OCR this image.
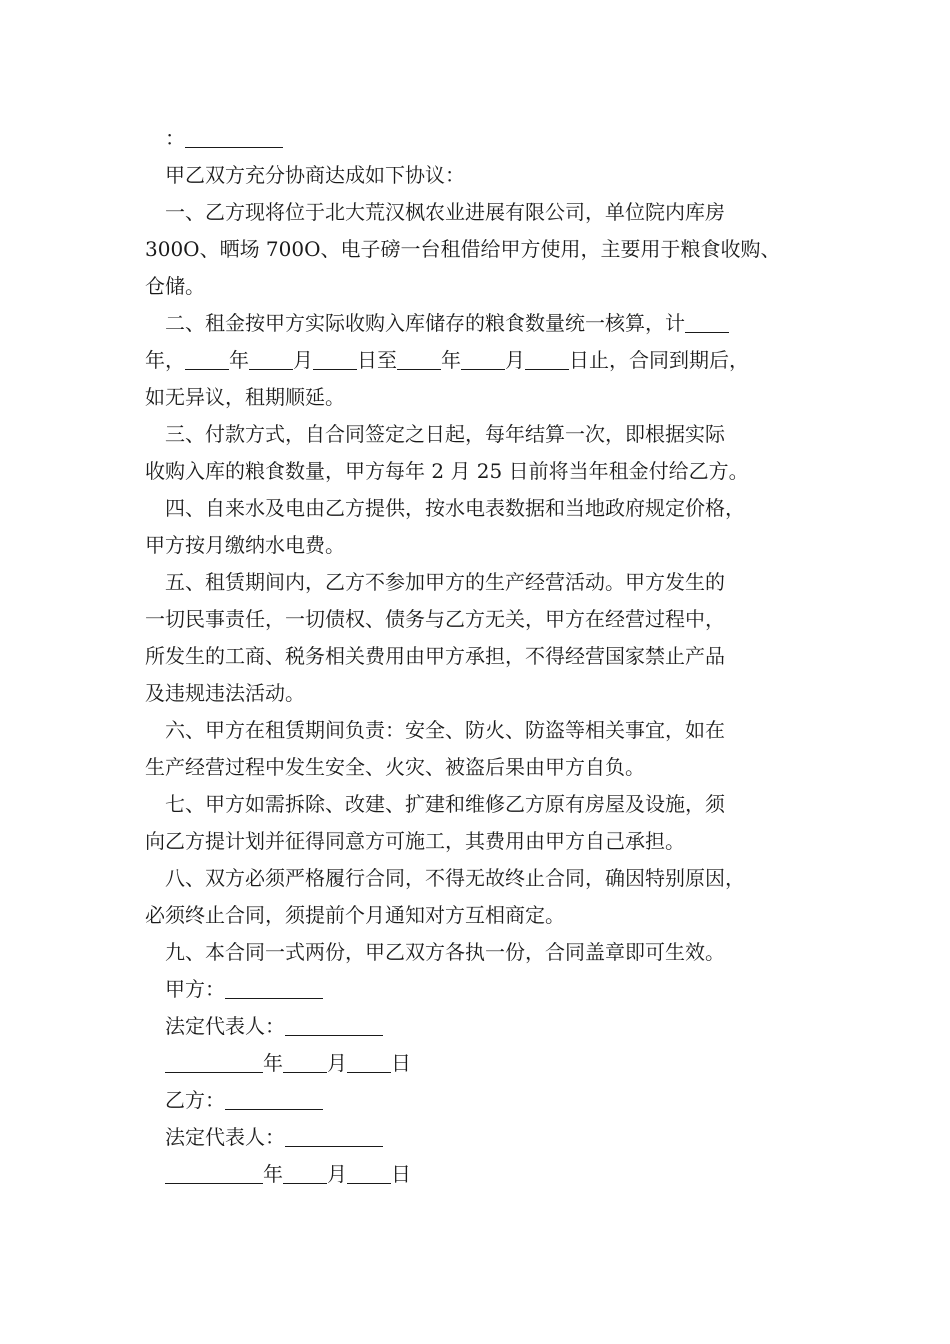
：
甲乙双方充分协商达成如下协议：
一、乙方现将位于北大荒汉枫农业进展有限公司，单位院内库房
300O、晒场 700O、电子磅一台租借给甲方使用，主要用于粮食收购、
仓储。
二、租金按甲方实际收购入库储存的粮食数量统一核算，计
年， 年 月 日至 年 月 日止，合同到期后，
如无异议，租期顺延。
三、付款方式，自合同签定之日起，每年结算一次，即根据实际
收购入库的粮食数量，甲方每年 2 月 25 日前将当年租金付给乙方。
四、自来水及电由乙方提供，按水电表数据和当地政府规定价格，
甲方按月缴纳水电费。
五、租赁期间内，乙方不参加甲方的生产经营活动。甲方发生的
一切民事责任，一切债权、债务与乙方无关，甲方在经营过程中，
所发生的工商、税务相关费用由甲方承担，不得经营国家禁止产品
及违规违法活动。
六、甲方在租赁期间负责：安全、防火、防盗等相关事宜，如在
生产经营过程中发生安全、火灾、被盗后果由甲方自负。
七、甲方如需拆除、改建、扩建和维修乙方原有房屋及设施，须
向乙方提计划并征得同意方可施工，其费用由甲方自己承担。
八、双方必须严格履行合同，不得无故终止合同，确因特别原因，
必须终止合同，须提前个月通知对方互相商定。
九、本合同一式两份，甲乙双方各执一份，合同盖章即可生效。
甲方：
法定代表人：
年 月 日
乙方：
法定代表人：
年 月 日
